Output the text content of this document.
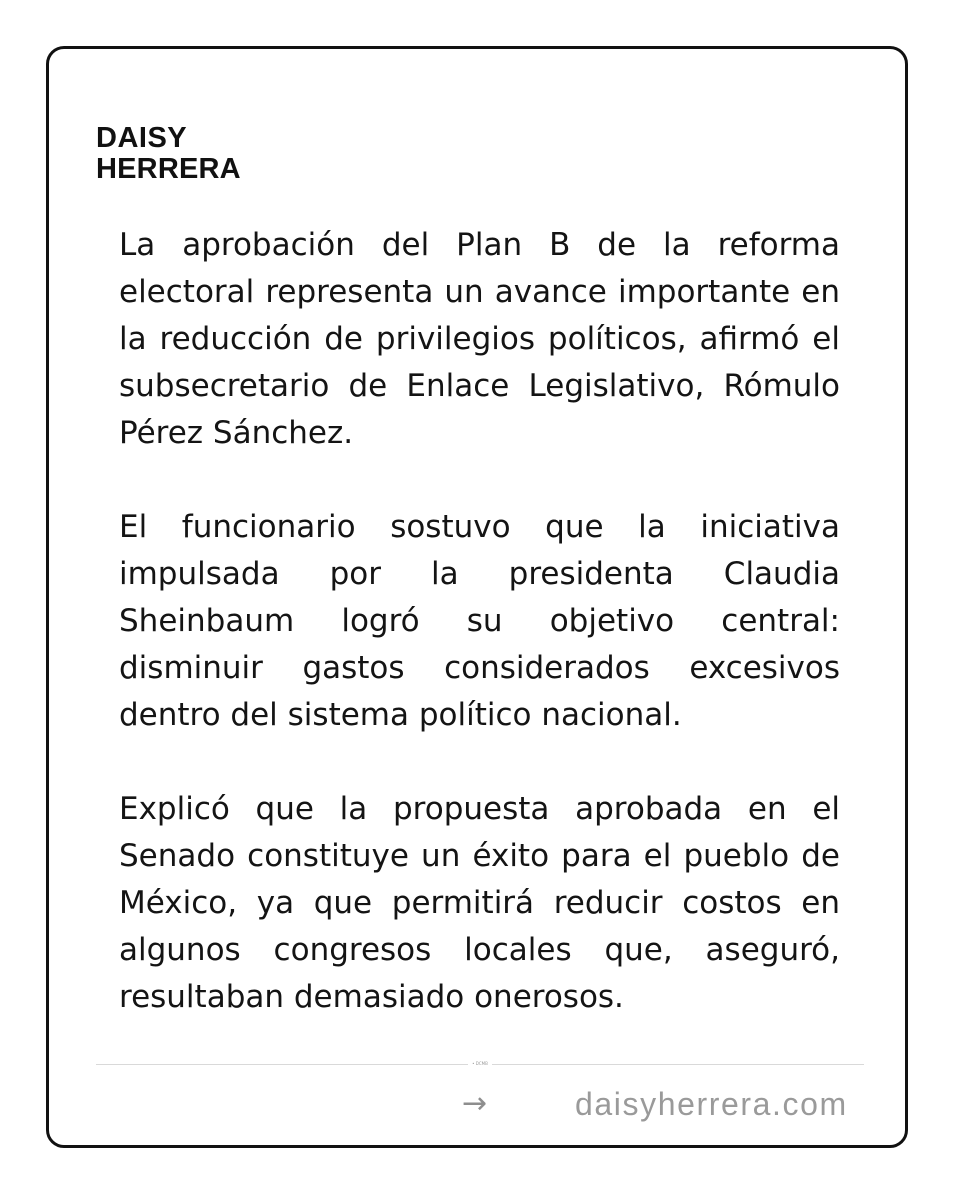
DAISY
HERRERA

La aprobación del Plan B de la reforma electoral representa un avance importante en la reducción de privilegios políticos, afirmó el subsecretario de Enlace Legislativo, Rómulo Pérez Sánchez.

El funcionario sostuvo que la iniciativa impulsada por la presidenta Claudia Sheinbaum logró su objetivo central: disminuir gastos considerados excesivos dentro del sistema político nacional.

Explicó que la propuesta aprobada en el Senado constituye un éxito para el pueblo de México, ya que permitirá reducir costos en algunos congresos locales que, aseguró, resultaban demasiado onerosos.

• DCMB
→	daisyherrera.com
